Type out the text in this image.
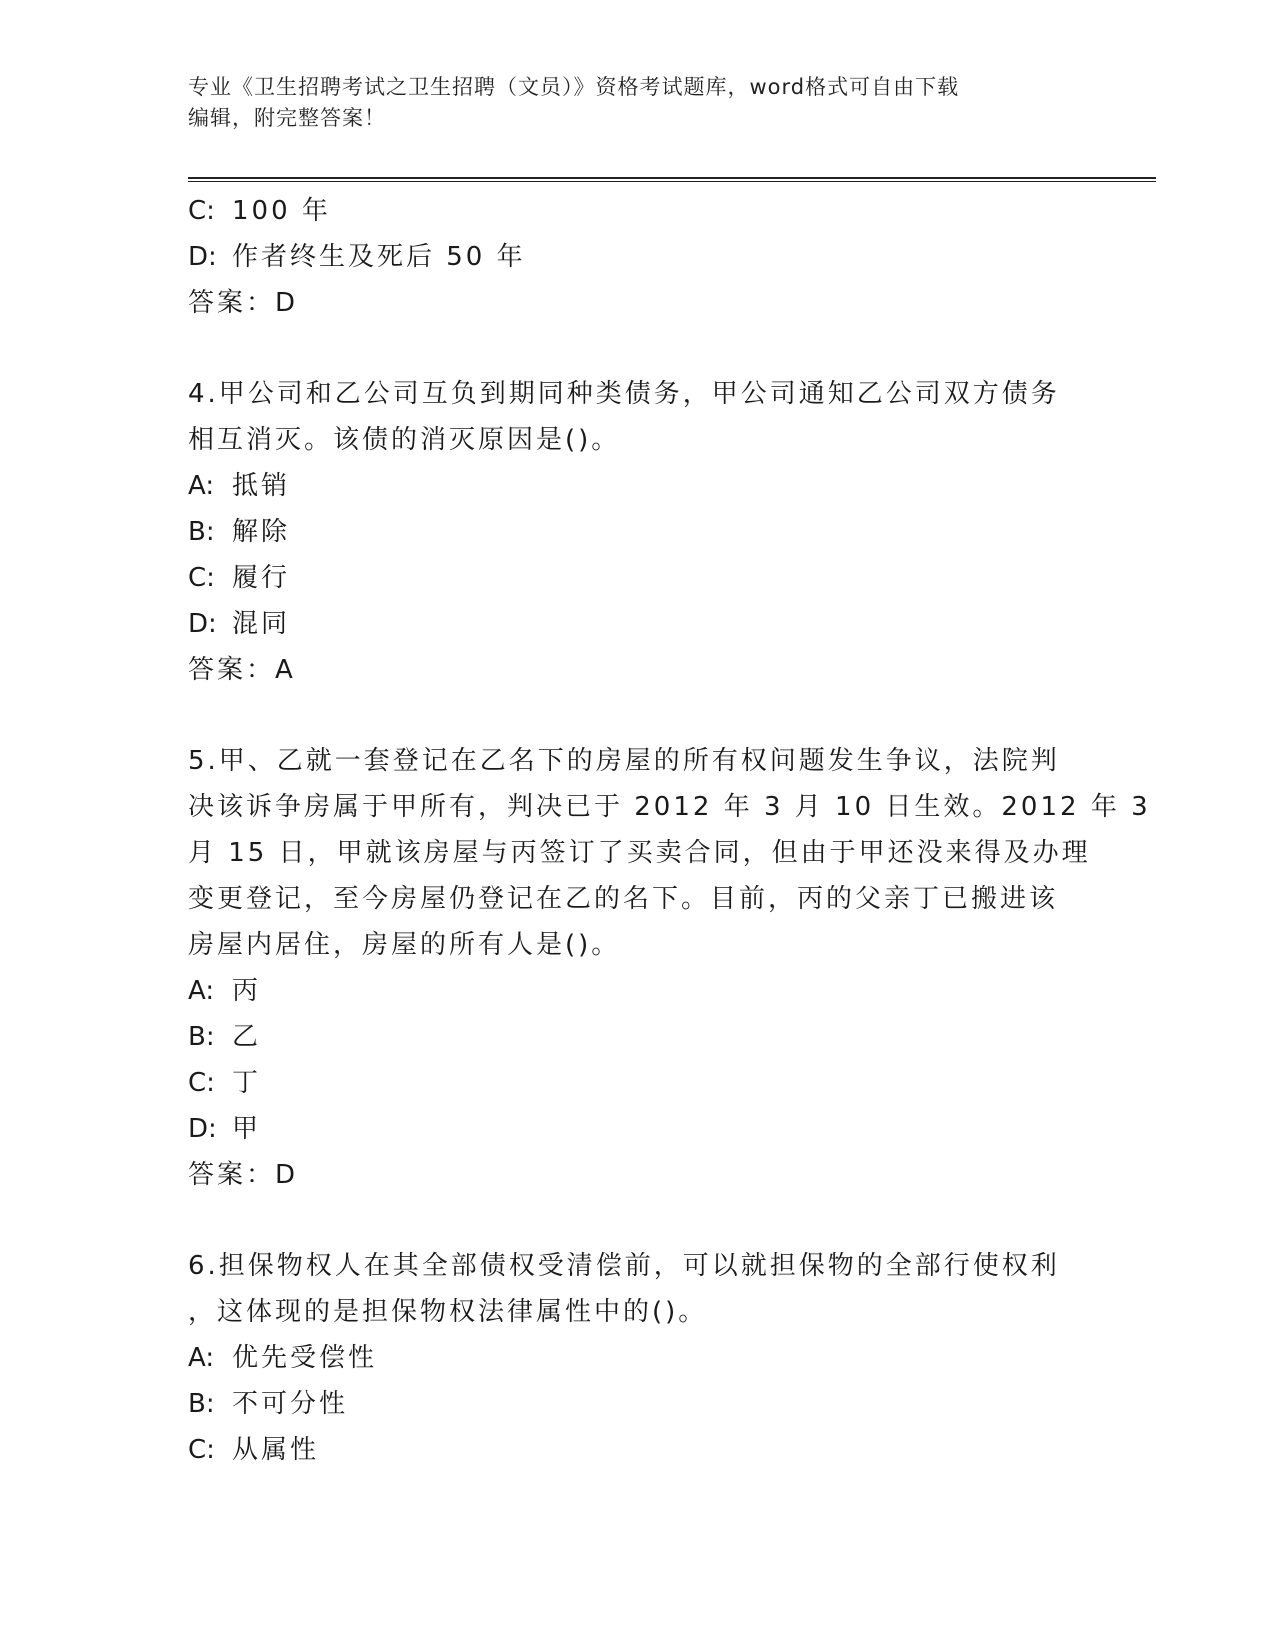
专业《卫生招聘考试之卫生招聘（文员）》资格考试题库，word格式可自由下载
编辑，附完整答案！
C: 100 年
D: 作者终生及死后 50 年
答案：D
4.甲公司和乙公司互负到期同种类债务，甲公司通知乙公司双方债务
相互消灭。该债的消灭原因是()。
A: 抵销
B: 解除
C: 履行
D: 混同
答案：A
5.甲、乙就一套登记在乙名下的房屋的所有权问题发生争议，法院判
决该诉争房属于甲所有，判决已于 2012 年 3 月 10 日生效。2012 年 3
月 15 日，甲就该房屋与丙签订了买卖合同，但由于甲还没来得及办理
变更登记，至今房屋仍登记在乙的名下。目前，丙的父亲丁已搬进该
房屋内居住，房屋的所有人是()。
A: 丙
B: 乙
C: 丁
D: 甲
答案：D
6.担保物权人在其全部债权受清偿前，可以就担保物的全部行使权利
，这体现的是担保物权法律属性中的()。
A: 优先受偿性
B: 不可分性
C: 从属性
